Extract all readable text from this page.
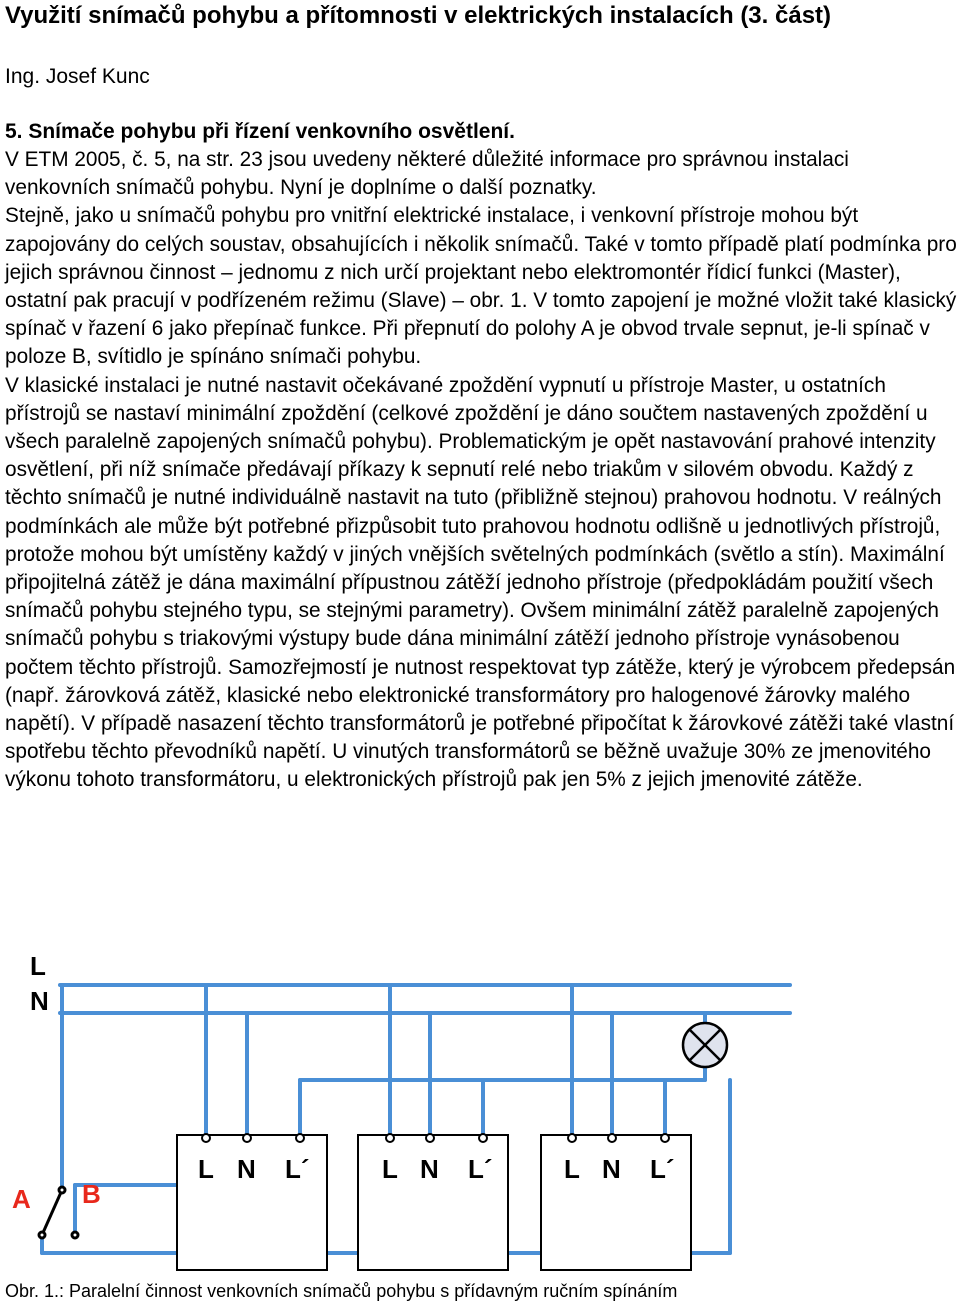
Využití snímačů pohybu a přítomnosti v elektrických instalacích (3. část)
Ing. Josef Kunc
5. Snímače pohybu při řízení venkovního osvětlení.

V ETM 2005, č. 5, na str. 23 jsou uvedeny některé důležité informace pro správnou instalaci venkovních snímačů pohybu. Nyní je doplníme o další poznatky.

Stejně, jako u snímačů pohybu pro vnitřní elektrické instalace, i venkovní přístroje mohou být zapojovány do celých soustav, obsahujících i několik snímačů. Také v tomto případě platí podmínka pro jejich správnou činnost – jednomu z nich určí projektant nebo elektromontér řídicí funkci (Master), ostatní pak pracují v podřízeném režimu (Slave) – obr. 1. V tomto zapojení je možné vložit také klasický spínač v řazení 6 jako přepínač funkce. Při přepnutí do polohy A je obvod trvale sepnut, je-li spínač v poloze B, svítidlo je spínáno snímači pohybu.

V klasické instalaci je nutné nastavit očekávané zpoždění vypnutí u přístroje Master, u ostatních přístrojů se nastaví minimální zpoždění (celkové zpoždění je dáno součtem nastavených zpoždění u všech paralelně zapojených snímačů pohybu). Problematickým je opět nastavování prahové intenzity osvětlení, při níž snímače předávají příkazy k sepnutí relé nebo triakům v silovém obvodu. Každý z těchto snímačů je nutné individuálně nastavit na tuto (přibližně stejnou) prahovou hodnotu. V reálných podmínkách ale může být potřebné přizpůsobit tuto prahovou hodnotu odlišně u jednotlivých přístrojů, protože mohou být umístěny každý v jiných vnějších světelných podmínkách (světlo a stín). Maximální připojitelná zátěž je dána maximální přípustnou zátěží jednoho přístroje (předpokládám použití všech snímačů pohybu stejného typu, se stejnými parametry). Ovšem minimální zátěž paralelně zapojených snímačů pohybu s triakovými výstupy bude dána minimální zátěží jednoho přístroje vynásobenou počtem těchto přístrojů. Samozřejmostí je nutnost respektovat typ zátěže, který je výrobcem předepsán (např. žárovková zátěž, klasické nebo elektronické transformátory pro halogenové žárovky malého napětí). V případě nasazení těchto transformátorů je potřebné připočítat k žárovkové zátěži také vlastní spotřebu těchto převodníků napětí. U vinutých transformátorů se běžně uvažuje 30% ze jmenovitého výkonu tohoto transformátoru, u elektronických přístrojů pak jen 5% z jejich jmenovité zátěže.

L
N
A B
L N L´	L N L´	L N L´
Obr. 1.: Paralelní činnost venkovních snímačů pohybu s přídavným ručním spínáním
